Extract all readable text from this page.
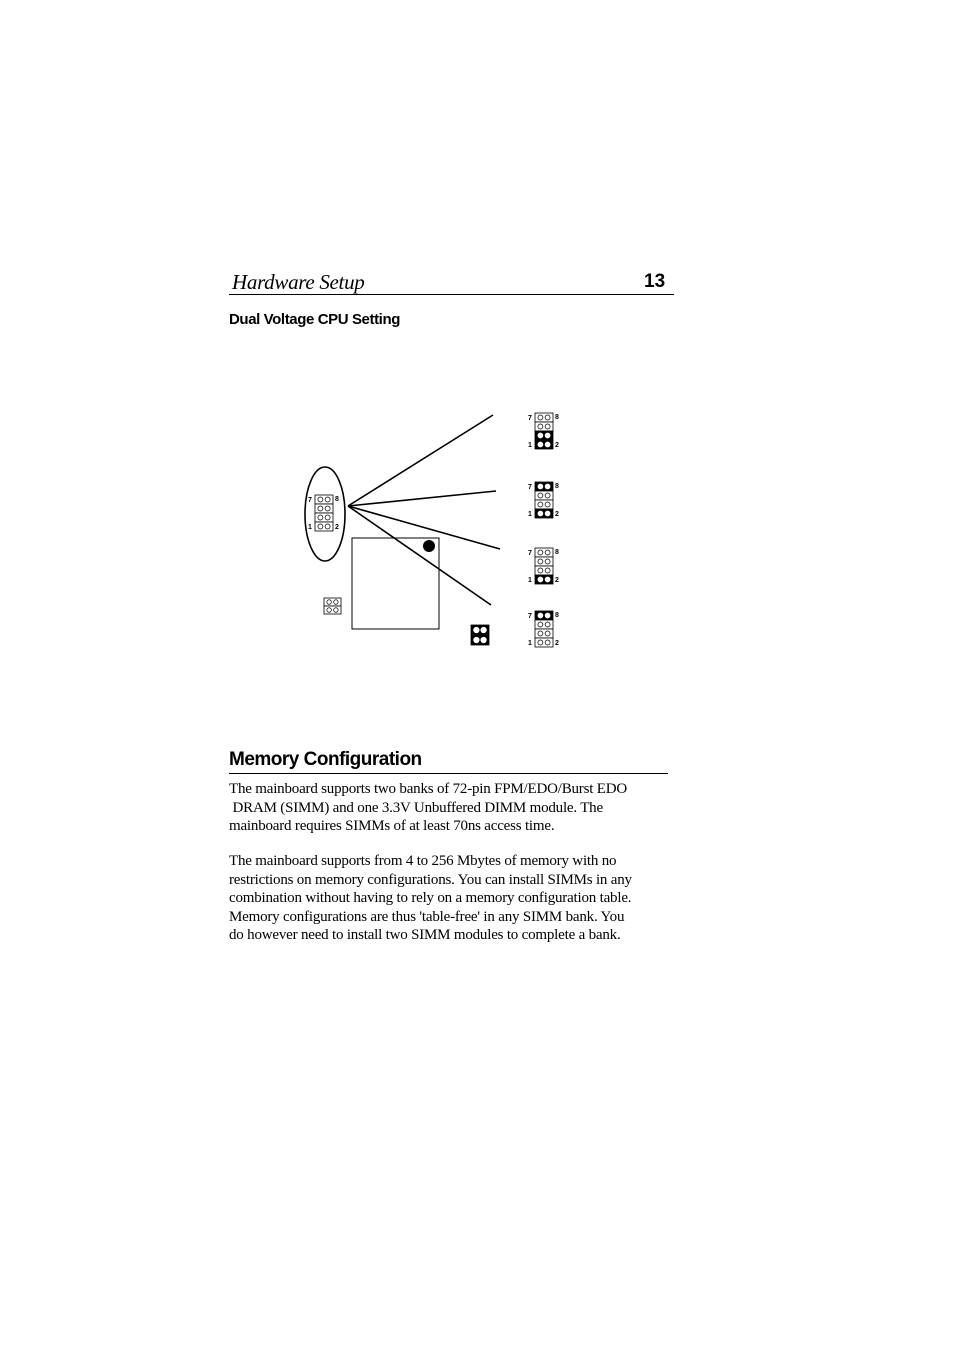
Hardware Setup	13
Dual Voltage CPU Setting
7	8
1	2
7	8
1	2
7	8
1	2
7	8
1	2
7	8
1	2
Memory Configuration
The mainboard supports two banks of 72-pin FPM/EDO/Burst EDO
DRAM (SIMM) and one 3.3V Unbuffered DIMM module. The
mainboard requires SIMMs of at least 70ns access time.
The mainboard supports from 4 to 256 Mbytes of memory with no
restrictions on memory configurations. You can install SIMMs in any
combination without having to rely on a memory configuration table.
Memory configurations are thus 'table-free' in any SIMM bank. You
do however need to install two SIMM modules to complete a bank.
